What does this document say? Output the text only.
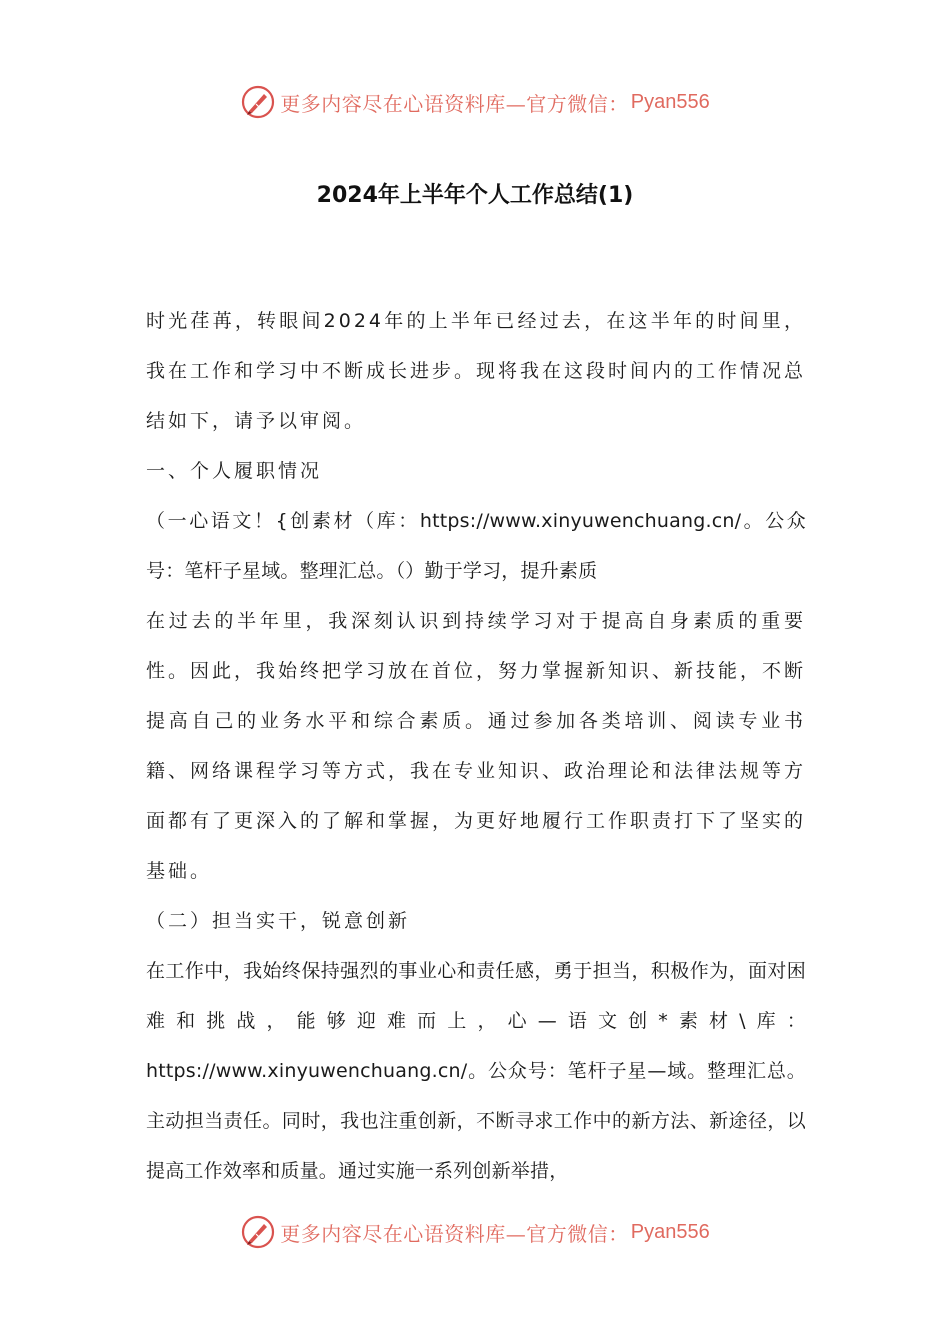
更多内容尽在心语资料库—官方微信： Pyan556
2024年上半年个人工作总结(1)

时光荏苒，转眼间2024年的上半年已经过去，在这半年的时间里，我在工作和学习中不断成长进步。现将我在这段时间内的工作情况总结如下，请予以审阅。

一、个人履职情况

（一心语文！{创素材（库：https://www.xinyuwenchuang.cn/。公众号：笔杆子星域。整理汇总。（）勤于学习，提升素质

在过去的半年里，我深刻认识到持续学习对于提高自身素质的重要性。因此，我始终把学习放在首位，努力掌握新知识、新技能，不断提高自己的业务水平和综合素质。通过参加各类培训、阅读专业书籍、网络课程学习等方式，我在专业知识、政治理论和法律法规等方面都有了更深入的了解和掌握，为更好地履行工作职责打下了坚实的基础。

（二）担当实干，锐意创新

在工作中，我始终保持强烈的事业心和责任感，勇于担当，积极作为，面对困难和挑战，能够迎难而上，心—语文创*素材\库：https://www.xinyuwenchuang.cn/。公众号：笔杆子星—域。整理汇总。主动担当责任。同时，我也注重创新，不断寻求工作中的新方法、新途径，以提高工作效率和质量。通过实施一系列创新举措，

更多内容尽在心语资料库—官方微信： Pyan556
